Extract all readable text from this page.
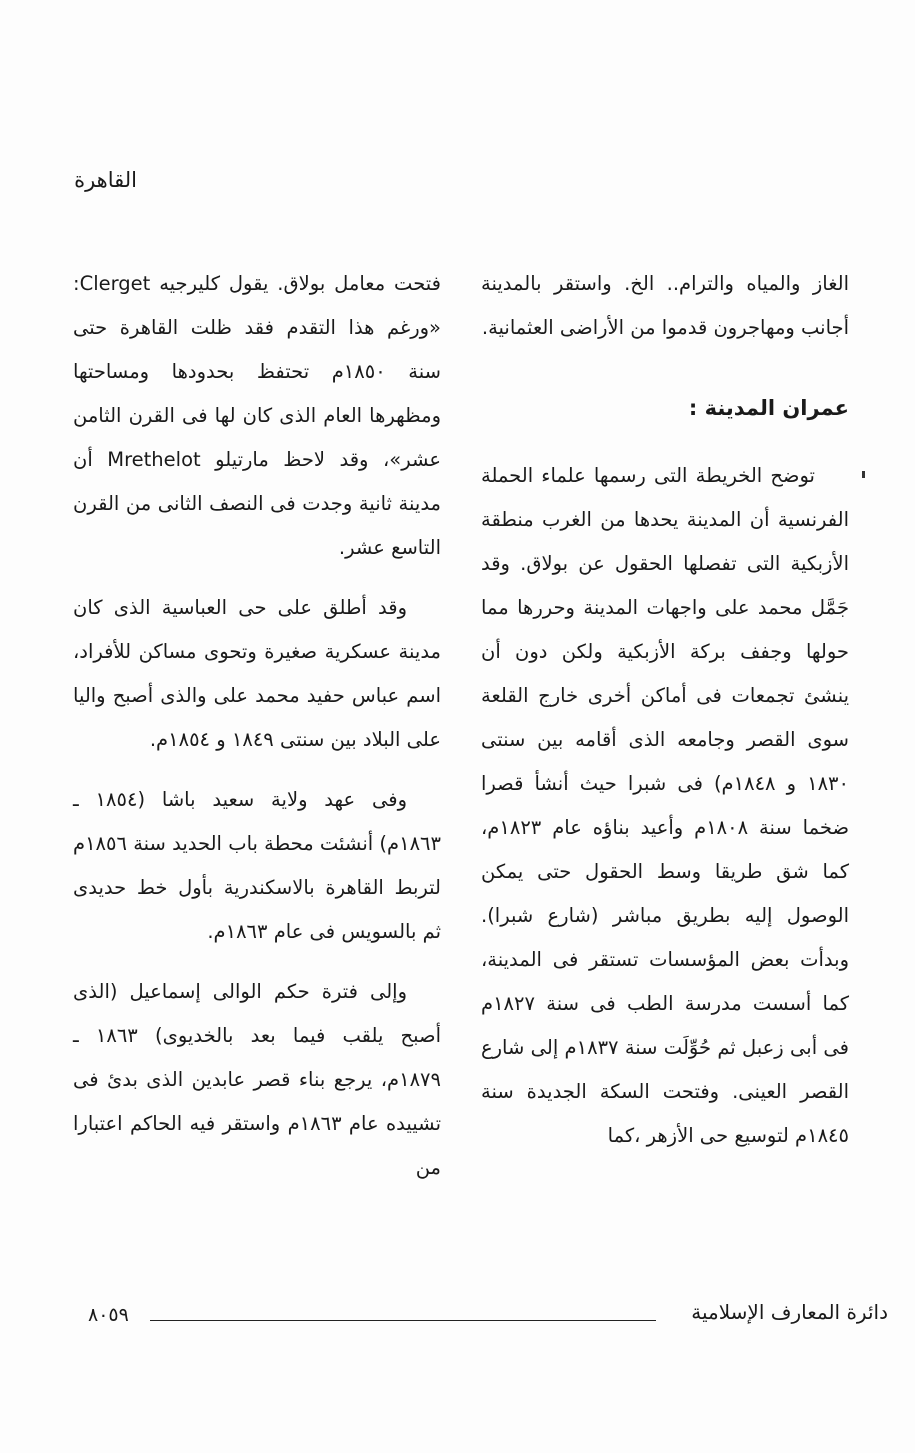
القاهرة

الغاز والمياه والترام.. الخ. واستقر بالمدينة أجانب ومهاجرون قدموا من الأراضى العثمانية.

عمران المدينة :

توضح الخريطة التى رسمها علماء الحملة الفرنسية أن المدينة يحدها من الغرب منطقة الأزبكية التى تفصلها الحقول عن بولاق. وقد جَمَّل محمد على واجهات المدينة وحررها مما حولها وجفف بركة الأزبكية ولكن دون أن ينشئ تجمعات فى أماكن أخرى خارج القلعة سوى القصر وجامعه الذى أقامه بين سنتى ١٨٣٠ و ١٨٤٨م) فى شبرا حيث أنشأ قصرا ضخما سنة ١٨٠٨م وأعيد بناؤه عام ١٨٢٣م، كما شق طريقا وسط الحقول حتى يمكن الوصول إليه بطريق مباشر (شارع شبرا). وبدأت بعض المؤسسات تستقر فى المدينة، كما أسست مدرسة الطب فى سنة ١٨٢٧م فى أبى زعبل ثم حُوِّلَت سنة ١٨٣٧م إلى شارع القصر العينى. وفتحت السكة الجديدة سنة ١٨٤٥م لتوسيع حى الأزهر ،كما

فتحت معامل بولاق. يقول كليرجيه Clerget: «ورغم هذا التقدم فقد ظلت القاهرة حتى سنة ١٨٥٠م تحتفظ بحدودها ومساحتها ومظهرها العام الذى كان لها فى القرن الثامن عشر»، وقد لاحظ مارتيلو Mrethelot أن مدينة ثانية وجدت فى النصف الثانى من القرن التاسع عشر.

وقد أطلق على حى العباسية الذى كان مدينة عسكرية صغيرة وتحوى مساكن للأفراد، اسم عباس حفيد محمد على والذى أصبح واليا على البلاد بين سنتى ١٨٤٩ و ١٨٥٤م.

وفى عهد ولاية سعيد باشا (١٨٥٤ ـ ١٨٦٣م) أنشئت محطة باب الحديد سنة ١٨٥٦م لتربط القاهرة بالاسكندرية بأول خط حديدى ثم بالسويس فى عام ١٨٦٣م.

وإلى فترة حكم الوالى إسماعيل (الذى أصبح يلقب فيما بعد بالخديوى) ١٨٦٣ ـ ١٨٧٩م، يرجع بناء قصر عابدين الذى بدئ فى تشييده عام ١٨٦٣م واستقر فيه الحاكم اعتبارا من

٨٠٥٩	دائرة المعارف الإسلامية
